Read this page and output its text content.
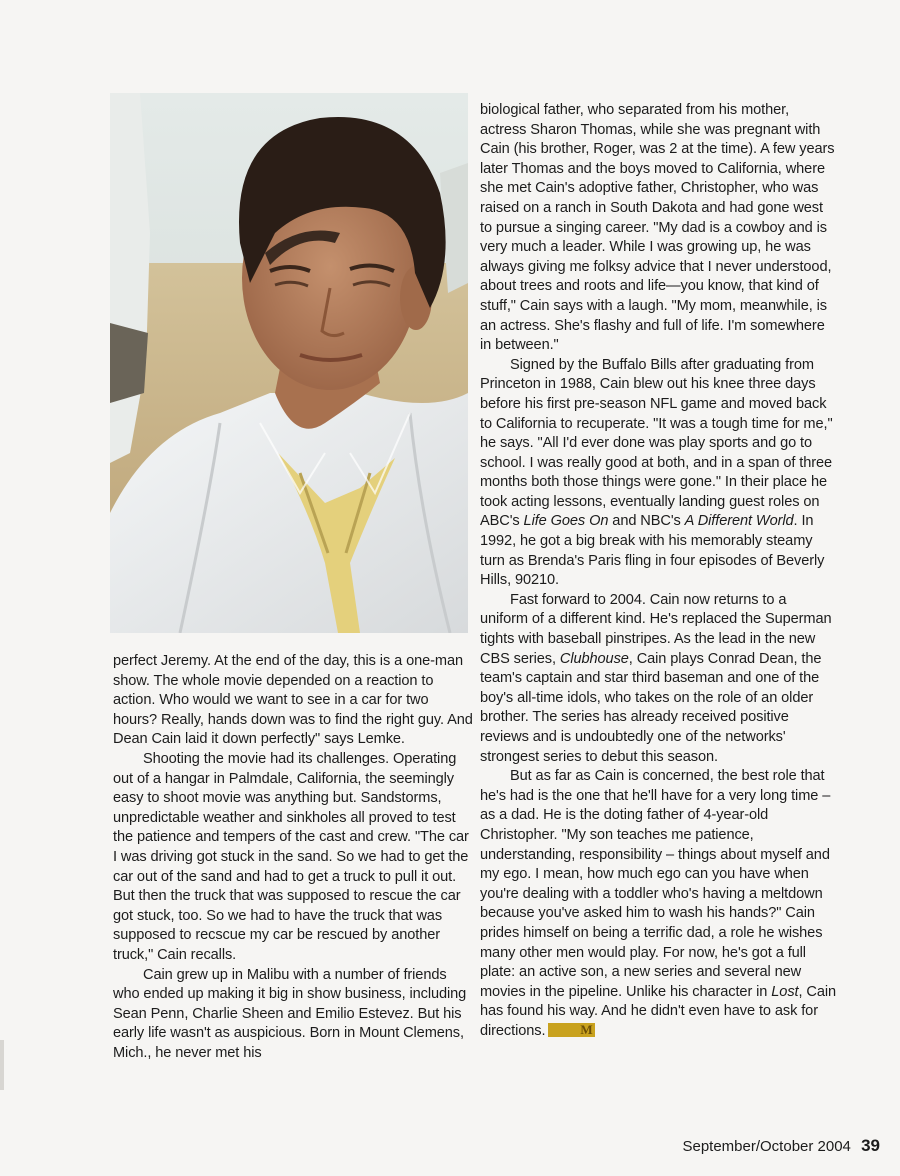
perfect Jeremy. At the end of the day, this is a one-man show. The whole movie depended on a reaction to action. Who would we want to see in a car for two hours? Really, hands down was to find the right guy. And Dean Cain laid it down perfectly" says Lemke.

Shooting the movie had its challenges. Operating out of a hangar in Palmdale, California, the seemingly easy to shoot movie was anything but. Sandstorms, unpredictable weather and sinkholes all proved to test the patience and tempers of the cast and crew. "The car I was driving got stuck in the sand. So we had to get the car out of the sand and had to get a truck to pull it out. But then the truck that was supposed to rescue the car got stuck, too. So we had to have the truck that was supposed to recscue my car be rescued by another truck," Cain recalls.

Cain grew up in Malibu with a number of friends who ended up making it big in show business, including Sean Penn, Charlie Sheen and Emilio Estevez. But his early life wasn't as auspicious. Born in Mount Clemens, Mich., he never met his

biological father, who separated from his mother, actress Sharon Thomas, while she was pregnant with Cain (his brother, Roger, was 2 at the time). A few years later Thomas and the boys moved to California, where she met Cain's adoptive father, Christopher, who was raised on a ranch in South Dakota and had gone west to pursue a singing career. "My dad is a cowboy and is very much a leader. While I was growing up, he was always giving me folksy advice that I never understood, about trees and roots and life—you know, that kind of stuff," Cain says with a laugh. "My mom, meanwhile, is an actress. She's flashy and full of life. I'm somewhere in between."

Signed by the Buffalo Bills after graduating from Princeton in 1988, Cain blew out his knee three days before his first pre-season NFL game and moved back to California to recuperate. "It was a tough time for me," he says. "All I'd ever done was play sports and go to school. I was really good at both, and in a span of three months both those things were gone." In their place he took acting lessons, eventually landing guest roles on ABC's Life Goes On and NBC's A Different World. In 1992, he got a big break with his memorably steamy turn as Brenda's Paris fling in four episodes of Beverly Hills, 90210.

Fast forward to 2004. Cain now returns to a uniform of a different kind. He's replaced the Superman tights with baseball pinstripes. As the lead in the new CBS series, Clubhouse, Cain plays Conrad Dean, the team's captain and star third baseman and one of the boy's all-time idols, who takes on the role of an older brother. The series has already received positive reviews and is undoubtedly one of the networks' strongest series to debut this season.

But as far as Cain is concerned, the best role that he's had is the one that he'll have for a very long time – as a dad. He is the doting father of 4-year-old Christopher. "My son teaches me patience, understanding, responsibility – things about myself and my ego. I mean, how much ego can you have when you're dealing with a toddler who's having a meltdown because you've asked him to wash his hands?" Cain prides himself on being a terrific dad, a role he wishes many other men would play. For now, he's got a full plate: an active son, a new series and several new movies in the pipeline. Unlike his character in Lost, Cain has found his way. And he didn't even have to ask for directions.	M

September/October 2004 39
